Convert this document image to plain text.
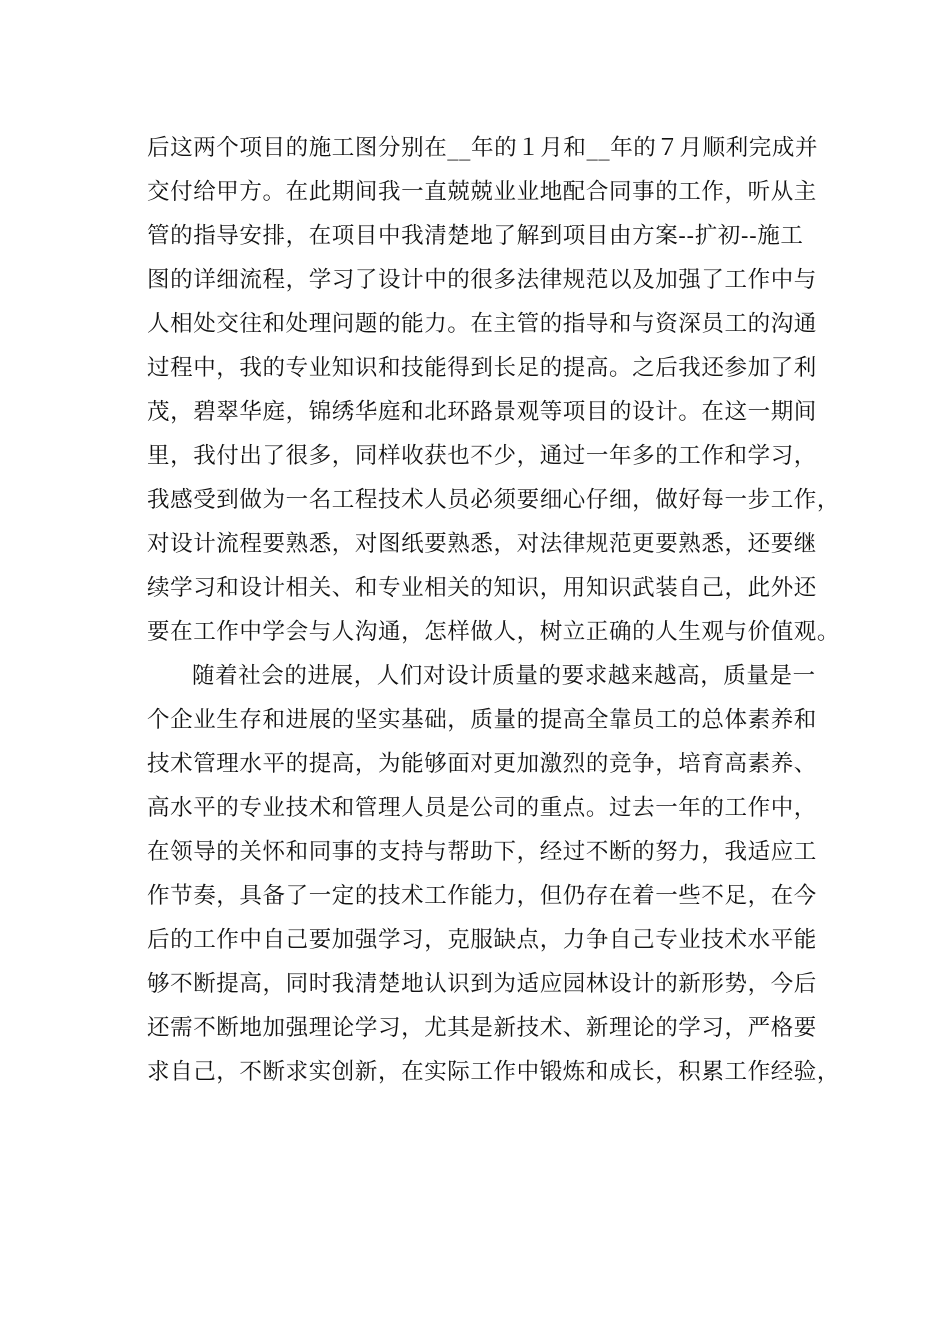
后这两个项目的施工图分别在__年的１月和__年的７月顺利完成并
交付给甲方。在此期间我一直兢兢业业地配合同事的工作，听从主
管的指导安排，在项目中我清楚地了解到项目由方案--扩初--施工
图的详细流程，学习了设计中的很多法律规范以及加强了工作中与
人相处交往和处理问题的能力。在主管的指导和与资深员工的沟通
过程中，我的专业知识和技能得到长足的提高。之后我还参加了利
茂，碧翠华庭，锦绣华庭和北环路景观等项目的设计。在这一期间
里，我付出了很多，同样收获也不少，通过一年多的工作和学习，
我感受到做为一名工程技术人员必须要细心仔细，做好每一步工作，
对设计流程要熟悉，对图纸要熟悉，对法律规范更要熟悉，还要继
续学习和设计相关、和专业相关的知识，用知识武装自己，此外还
要在工作中学会与人沟通，怎样做人，树立正确的人生观与价值观。
随着社会的进展，人们对设计质量的要求越来越高，质量是一
个企业生存和进展的坚实基础，质量的提高全靠员工的总体素养和
技术管理水平的提高，为能够面对更加激烈的竞争，培育高素养、
高水平的专业技术和管理人员是公司的重点。过去一年的工作中，
在领导的关怀和同事的支持与帮助下，经过不断的努力，我适应工
作节奏，具备了一定的技术工作能力，但仍存在着一些不足，在今
后的工作中自己要加强学习，克服缺点，力争自己专业技术水平能
够不断提高，同时我清楚地认识到为适应园林设计的新形势，今后
还需不断地加强理论学习，尤其是新技术、新理论的学习，严格要
求自己，不断求实创新，在实际工作中锻炼和成长，积累工作经验，
